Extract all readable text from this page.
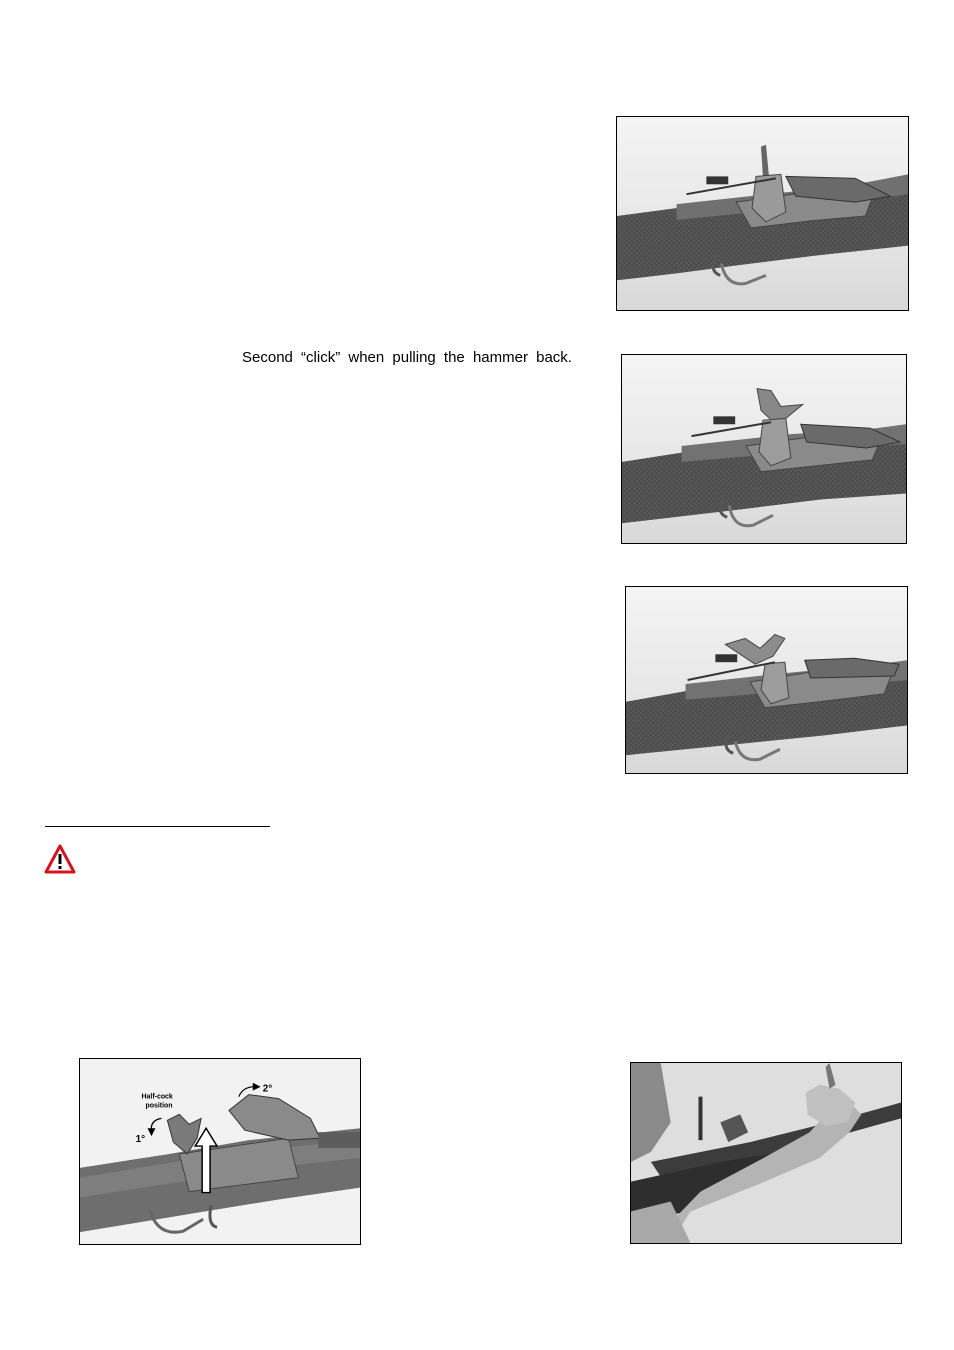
Second “click” when pulling the hammer back.
Half-cock
position
1°
2°
